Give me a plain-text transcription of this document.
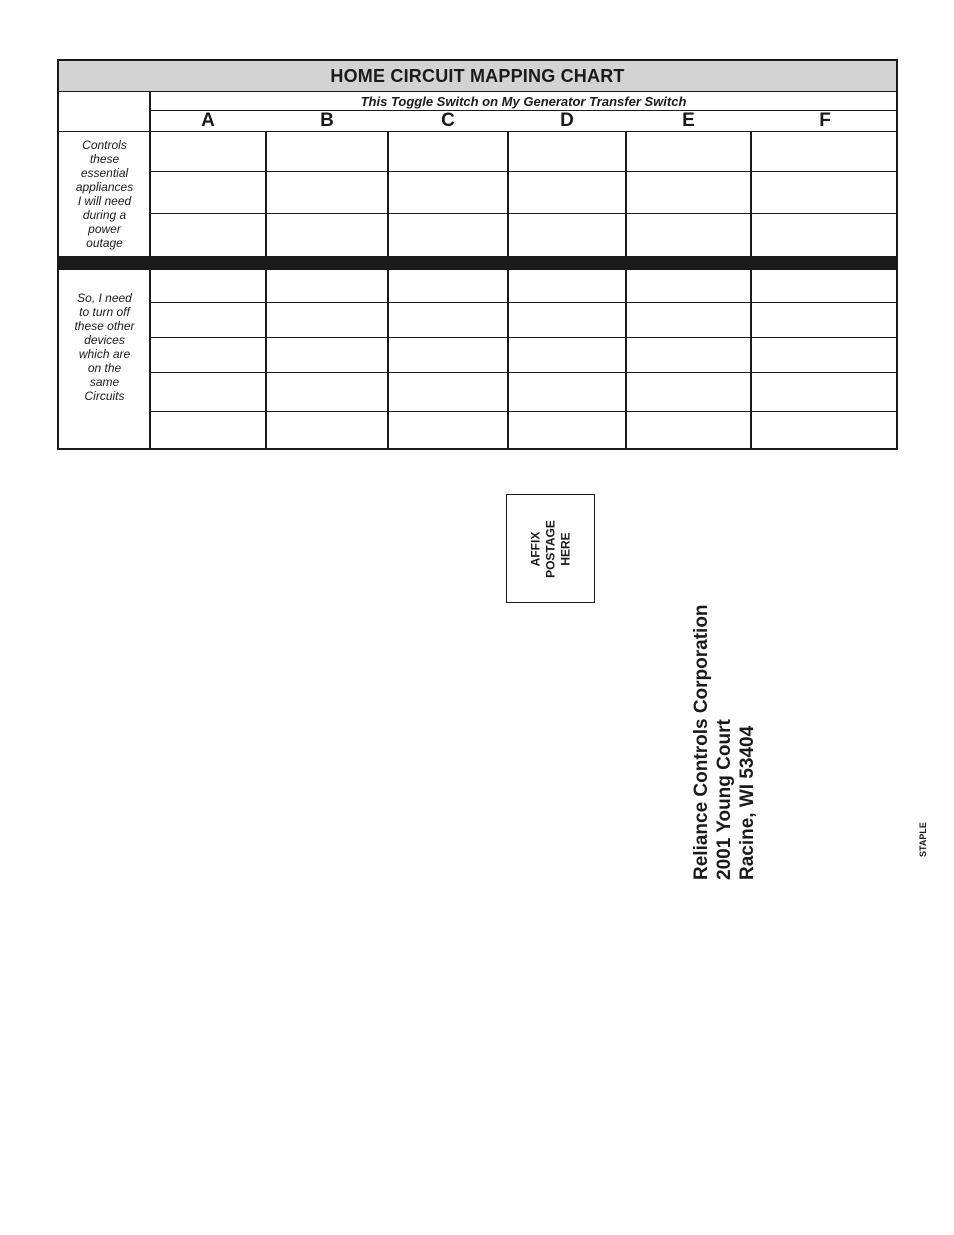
HOME CIRCUIT MAPPING CHART
This Toggle Switch on My Generator Transfer Switch
A	B	C	D	E	F
Controls these essential appliances I will need during a power outage
So, I need to turn off these other devices which are on the same Circuits
AFFIX POSTAGE HERE
Reliance Controls Corporation 2001 Young Court Racine, WI 53404	STAPLE
